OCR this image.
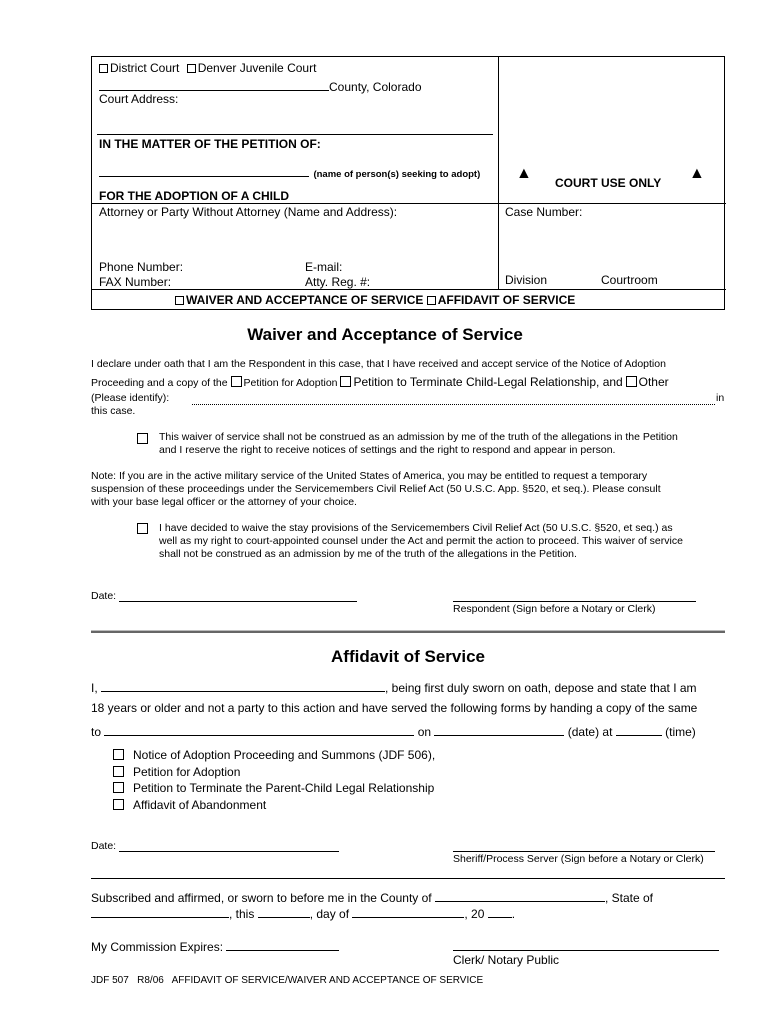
District Court Denver Juvenile Court
County, Colorado
Court Address:
IN THE MATTER OF THE PETITION OF:
(name of person(s) seeking to adopt)
FOR THE ADOPTION OF A CHILD
▲
COURT USE ONLY
▲
Attorney or Party Without Attorney (Name and Address):	Case Number:
Phone Number:	E-mail:
FAX Number:	Atty. Reg. #:	Division	Courtroom
WAIVER AND ACCEPTANCE OF SERVICE AFFIDAVIT OF SERVICE
Waiver and Acceptance of Service
I declare under oath that I am the Respondent in this case, that I have received and accept service of the Notice of Adoption
Proceeding and a copy of the Petition for Adoption Petition to Terminate Child-Legal Relationship, and Other
(Please identify):	in
this case.
This waiver of service shall not be construed as an admission by me of the truth of the allegations in the Petition
and I reserve the right to receive notices of settings and the right to respond and appear in person.
Note: If you are in the active military service of the United States of America, you may be entitled to request a temporary
suspension of these proceedings under the Servicemembers Civil Relief Act (50 U.S.C. App. §520, et seq.). Please consult
with your base legal officer or the attorney of your choice.
I have decided to waive the stay provisions of the Servicemembers Civil Relief Act (50 U.S.C. §520, et seq.) as
well as my right to court-appointed counsel under the Act and permit the action to proceed. This waiver of service
shall not be construed as an admission by me of the truth of the allegations in the Petition.
Date:
Respondent (Sign before a Notary or Clerk)
Affidavit of Service
I,	, being first duly sworn on oath, depose and state that I am
18 years or older and not a party to this action and have served the following forms by handing a copy of the same
to	on	(date) at	(time)
Notice of Adoption Proceeding and Summons (JDF 506),
Petition for Adoption
Petition to Terminate the Parent-Child Legal Relationship
Affidavit of Abandonment
Date:
Sheriff/Process Server (Sign before a Notary or Clerk)
Subscribed and affirmed, or sworn to before me in the County of	, State of
, this	, day of	, 20 .
My Commission Expires:
Clerk/ Notary Public
JDF 507   R8/06   AFFIDAVIT OF SERVICE/WAIVER AND ACCEPTANCE OF SERVICE
